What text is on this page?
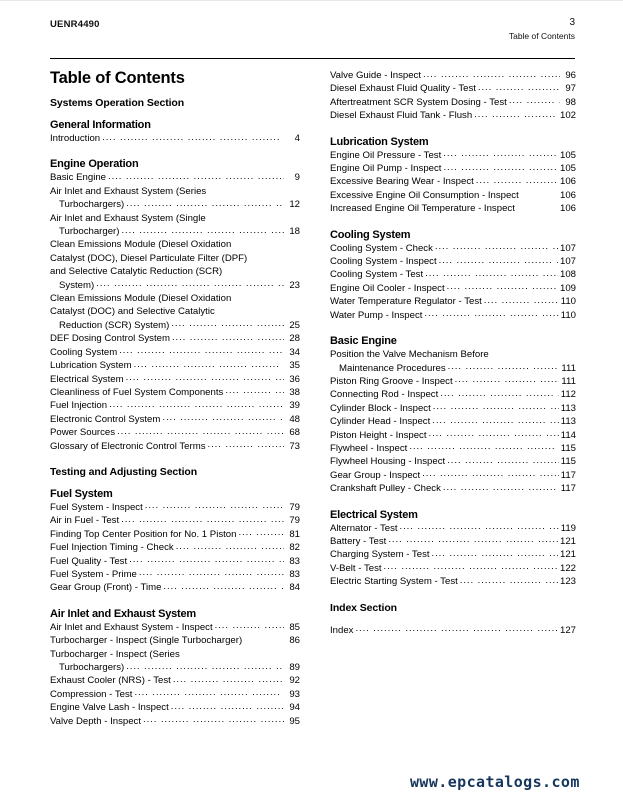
UENR4490	3
Table of Contents
Table of Contents
Systems Operation Section
General Information
Introduction ....	4
Engine Operation
Basic Engine ....	9
Air Inlet and Exhaust System (Series
Turbochargers) ....	12
Air Inlet and Exhaust System (Single
Turbocharger) ....	18
Clean Emissions Module (Diesel Oxidation
Catalyst (DOC), Diesel Particulate Filter (DPF)
and Selective Catalytic Reduction (SCR)
System) ....	23
Clean Emissions Module (Diesel Oxidation
Catalyst (DOC) and Selective Catalytic
Reduction (SCR) System) ....	25
DEF Dosing Control System ....	28
Cooling System ....	34
Lubrication System ....	35
Electrical System ....	36
Cleanliness of Fuel System Components ....	38
Fuel Injection ....	39
Electronic Control System ....	48
Power Sources ....	68
Glossary of Electronic Control Terms ....	73
Testing and Adjusting Section
Fuel System
Fuel System - Inspect ....	79
Air in Fuel - Test ....	79
Finding Top Center Position for No. 1 Piston ....	81
Fuel Injection Timing - Check ....	82
Fuel Quality - Test ....	83
Fuel System - Prime ....	83
Gear Group (Front) - Time ....	84
Air Inlet and Exhaust System
Air Inlet and Exhaust System - Inspect ....	85
Turbocharger - Inspect (Single Turbocharger)	86
Turbocharger - Inspect (Series
Turbochargers) ....	89
Exhaust Cooler (NRS) - Test ....	92
Compression - Test ....	93
Engine Valve Lash - Inspect ....	94
Valve Depth - Inspect ....	95
Valve Guide - Inspect ....	96
Diesel Exhaust Fluid Quality - Test ....	97
Aftertreatment SCR System Dosing - Test ....	98
Diesel Exhaust Fluid Tank - Flush ....	102
Lubrication System
Engine Oil Pressure - Test ....	105
Engine Oil Pump - Inspect ....	105
Excessive Bearing Wear - Inspect ....	106
Excessive Engine Oil Consumption - Inspect	106
Increased Engine Oil Temperature - Inspect	106
Cooling System
Cooling System - Check ....	107
Cooling System - Inspect ....	107
Cooling System - Test ....	108
Engine Oil Cooler - Inspect ....	109
Water Temperature Regulator - Test ....	110
Water Pump - Inspect ....	110
Basic Engine
Position the Valve Mechanism Before
Maintenance Procedures ....	111
Piston Ring Groove - Inspect ....	111
Connecting Rod - Inspect ....	112
Cylinder Block - Inspect ....	113
Cylinder Head - Inspect ....	113
Piston Height - Inspect ....	114
Flywheel - Inspect ....	115
Flywheel Housing - Inspect ....	115
Gear Group - Inspect ....	117
Crankshaft Pulley - Check ....	117
Electrical System
Alternator - Test ....	119
Battery - Test ....	121
Charging System - Test ....	121
V-Belt - Test ....	122
Electric Starting System - Test ....	123
Index Section
Index ....	127
www.epcatalogs.com
